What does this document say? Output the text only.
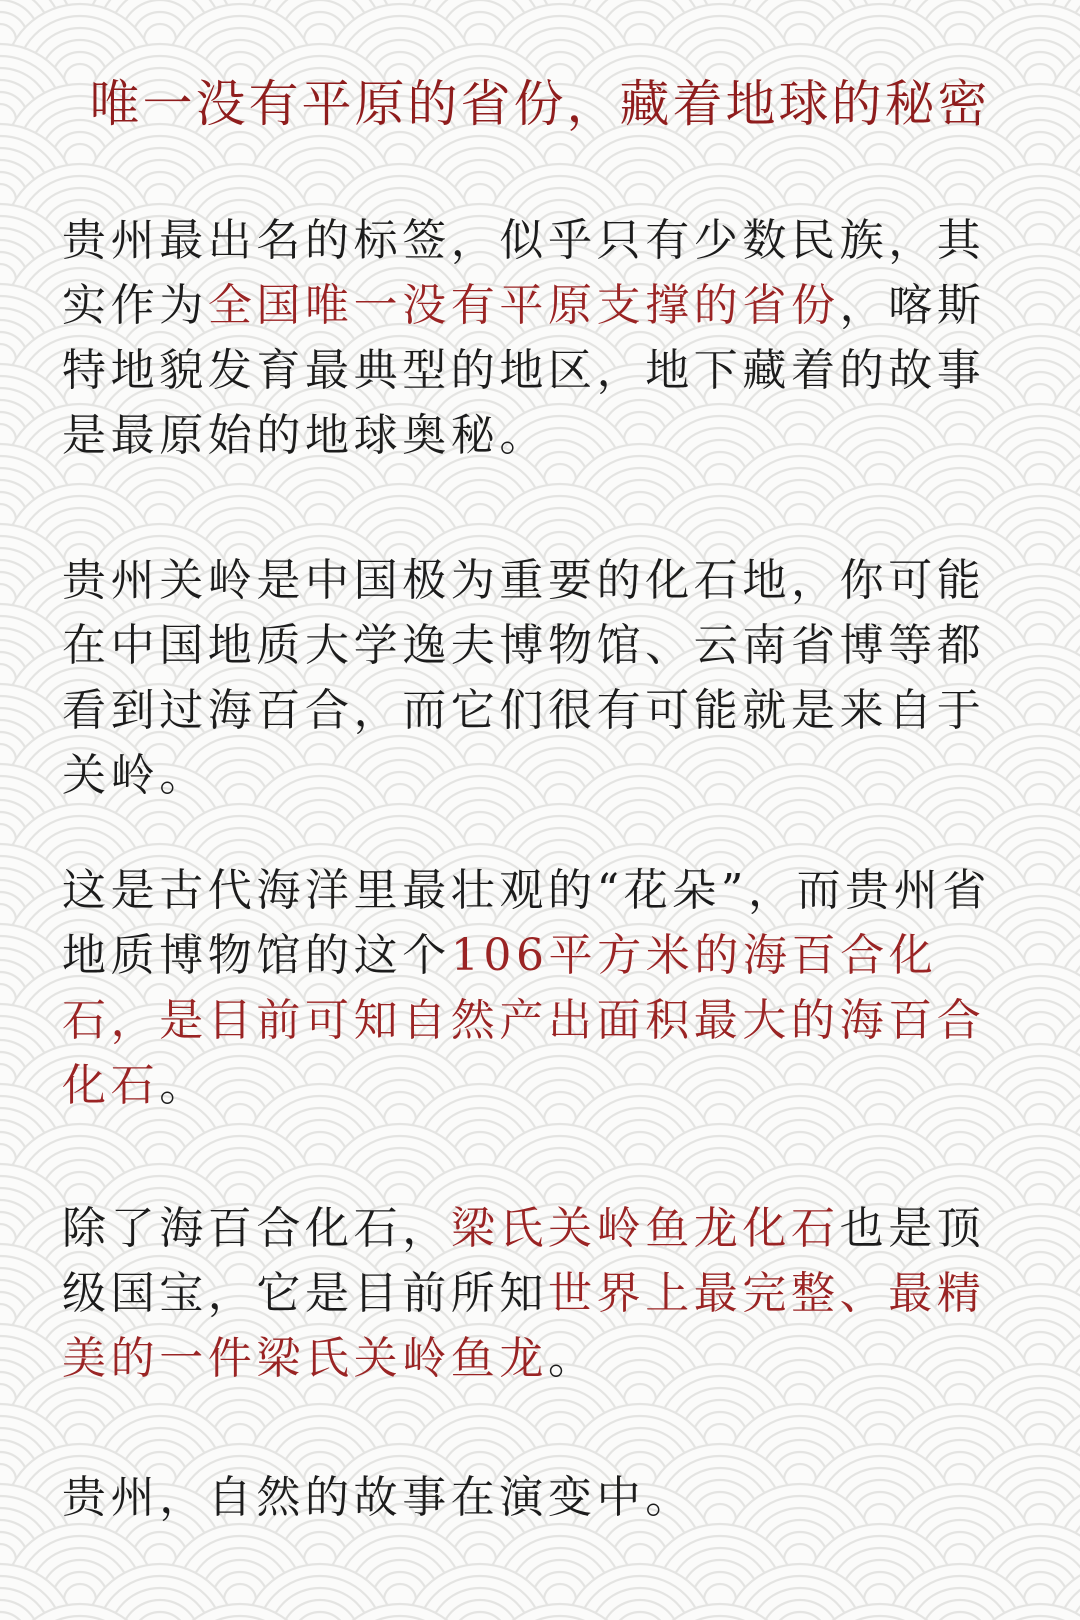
唯一没有平原的省份，藏着地球的秘密

贵州最出名的标签，似乎只有少数民族，其实作为全国唯一没有平原支撑的省份，喀斯特地貌发育最典型的地区，地下藏着的故事是最原始的地球奥秘。

贵州关岭是中国极为重要的化石地，你可能在中国地质大学逸夫博物馆、云南省博等都看到过海百合，而它们很有可能就是来自于关岭。

这是古代海洋里最壮观的“花朵”，而贵州省地质博物馆的这个106平方米的海百合化石，是目前可知自然产出面积最大的海百合化石。

除了海百合化石，梁氏关岭鱼龙化石也是顶级国宝，它是目前所知世界上最完整、最精美的一件梁氏关岭鱼龙。

贵州，自然的故事在演变中。
